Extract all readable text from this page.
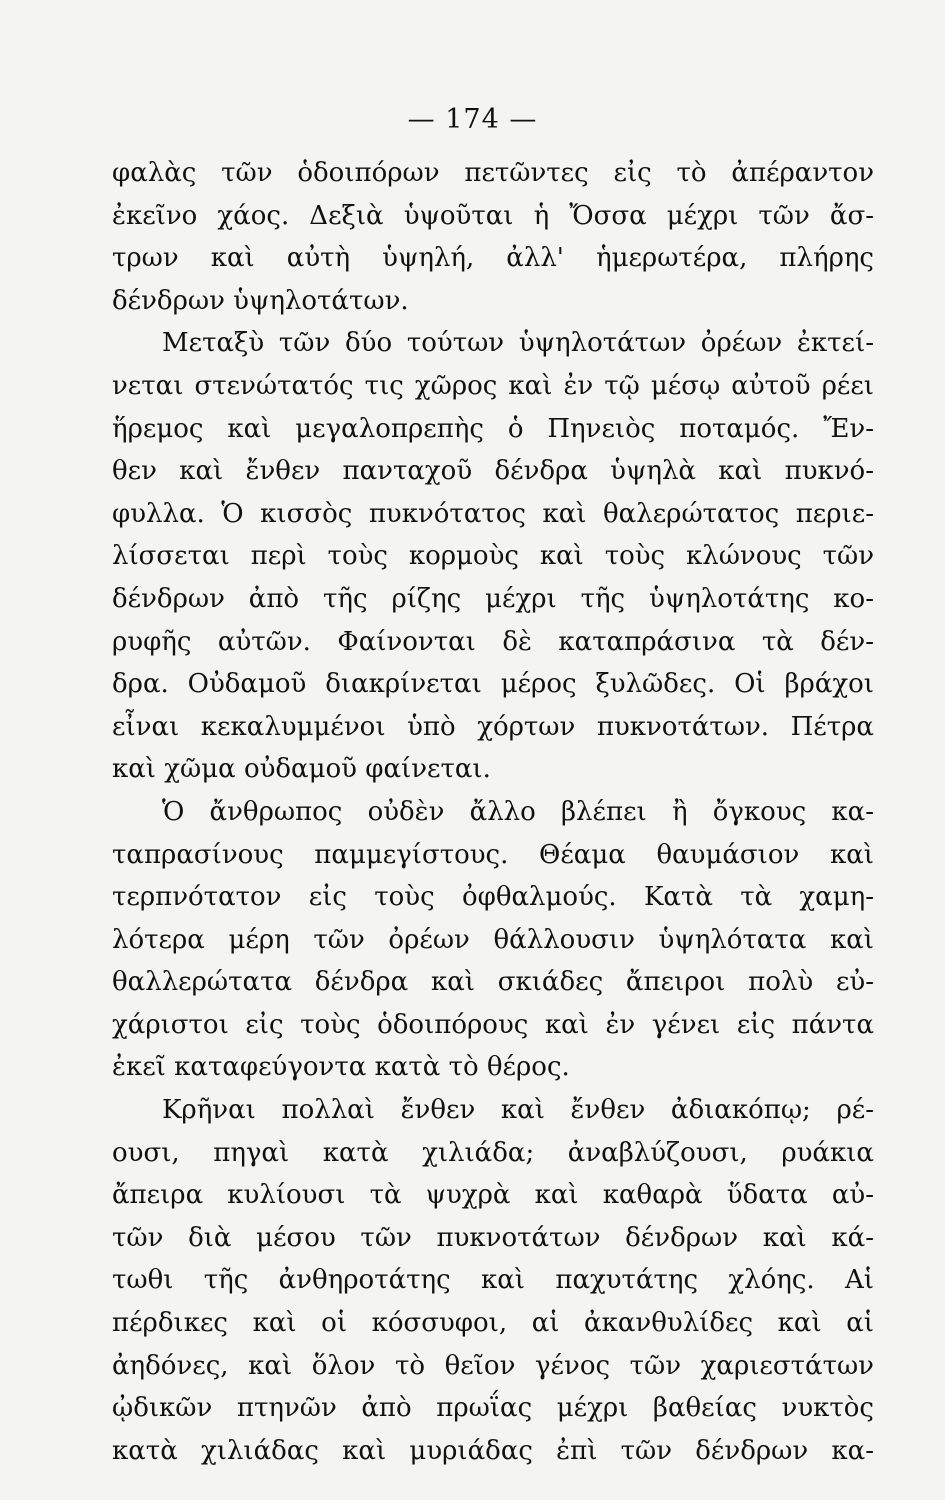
— 174 —
φαλὰς τῶν ὁδοιπόρων πετῶντες εἰς τὸ ἀπέραντον
ἐκεῖνο χάος. Δεξιὰ ὑψοῦται ἡ Ὄσσα μέχρι τῶν ἄσ-
τρων καὶ αὐτὴ ὑψηλή, ἀλλ' ἡμερωτέρα, πλήρης
δένδρων ὑψηλοτάτων.
Μεταξὺ τῶν δύο τούτων ὑψηλοτάτων ὀρέων ἐκτεί-
νεται στενώτατός τις χῶρος καὶ ἐν τῷ μέσῳ αὐτοῦ ρέει
ἥρεμος καὶ μεγαλοπρεπὴς ὁ Πηνειὸς ποταμός. Ἔν-
θεν καὶ ἔνθεν πανταχοῦ δένδρα ὑψηλὰ καὶ πυκνό-
φυλλα. Ὁ κισσὸς πυκνότατος καὶ θαλερώτατος περιε-
λίσσεται περὶ τοὺς κορμοὺς καὶ τοὺς κλώνους τῶν
δένδρων ἀπὸ τῆς ρίζης μέχρι τῆς ὑψηλοτάτης κο-
ρυφῆς αὐτῶν. Φαίνονται δὲ καταπράσινα τὰ δέν-
δρα. Οὐδαμοῦ διακρίνεται μέρος ξυλῶδες. Οἱ βράχοι
εἶναι κεκαλυμμένοι ὑπὸ χόρτων πυκνοτάτων. Πέτρα
καὶ χῶμα οὐδαμοῦ φαίνεται.
Ὁ ἄνθρωπος οὐδὲν ἄλλο βλέπει ἢ ὄγκους κα-
ταπρασίνους παμμεγίστους. Θέαμα θαυμάσιον καὶ
τερπνότατον εἰς τοὺς ὀφθαλμούς. Κατὰ τὰ χαμη-
λότερα μέρη τῶν ὀρέων θάλλουσιν ὑψηλότατα καὶ
θαλλερώτατα δένδρα καὶ σκιάδες ἄπειροι πολὺ εὐ-
χάριστοι εἰς τοὺς ὁδοιπόρους καὶ ἐν γένει εἰς πάντα
ἐκεῖ καταφεύγοντα κατὰ τὸ θέρος.
Κρῆναι πολλαὶ ἔνθεν καὶ ἔνθεν ἀδιακόπῳ; ρέ-
ουσι, πηγαὶ κατὰ χιλιάδα; ἀναβλύζουσι, ρυάκια
ἄπειρα κυλίουσι τὰ ψυχρὰ καὶ καθαρὰ ὕδατα αὐ-
τῶν διὰ μέσου τῶν πυκνοτάτων δένδρων καὶ κά-
τωθι τῆς ἀνθηροτάτης καὶ παχυτάτης χλόης. Αἱ
πέρδικες καὶ οἱ κόσσυφοι, αἱ ἀκανθυλίδες καὶ αἱ
ἀηδόνες, καὶ ὅλον τὸ θεῖον γένος τῶν χαριεστάτων
ᾠδικῶν πτηνῶν ἀπὸ πρωΐας μέχρι βαθείας νυκτὸς
κατὰ χιλιάδας καὶ μυριάδας ἐπὶ τῶν δένδρων κα-
